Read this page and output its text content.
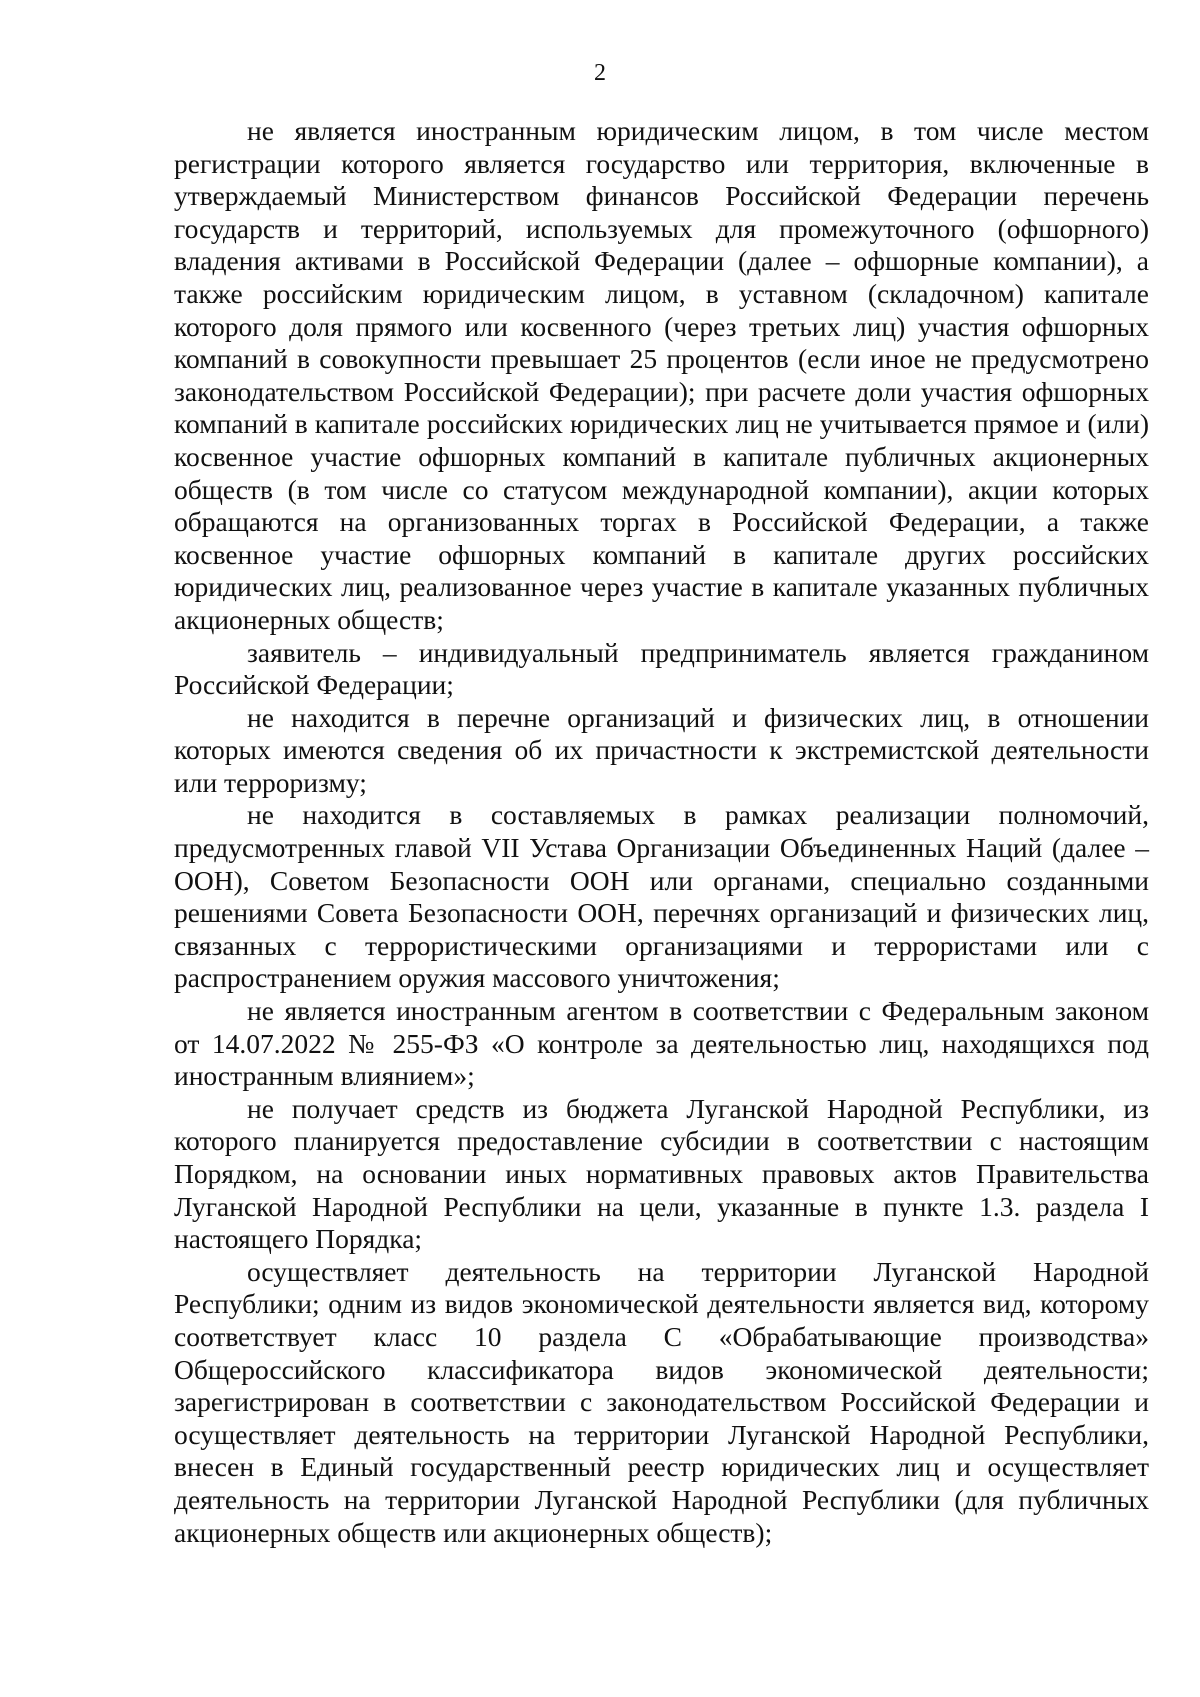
2

не является иностранным юридическим лицом, в том числе местом регистрации которого является государство или территория, включенные в утверждаемый Министерством финансов Российской Федерации перечень государств и территорий, используемых для промежуточного (офшорного) владения активами в Российской Федерации (далее – офшорные компании), а также российским юридическим лицом, в уставном (складочном) капитале которого доля прямого или косвенного (через третьих лиц) участия офшорных компаний в совокупности превышает 25 процентов (если иное не предусмотрено законодательством Российской Федерации); при расчете доли участия офшорных компаний в капитале российских юридических лиц не учитывается прямое и (или) косвенное участие офшорных компаний в капитале публичных акционерных обществ (в том числе со статусом международной компании), акции которых обращаются на организованных торгах в Российской Федерации, а также косвенное участие офшорных компаний в капитале других российских юридических лиц, реализованное через участие в капитале указанных публичных акционерных обществ;

заявитель – индивидуальный предприниматель является гражданином Российской Федерации;

не находится в перечне организаций и физических лиц, в отношении которых имеются сведения об их причастности к экстремистской деятельности или терроризму;

не находится в составляемых в рамках реализации полномочий, предусмотренных главой VII Устава Организации Объединенных Наций (далее – ООН), Советом Безопасности ООН или органами, специально созданными решениями Совета Безопасности ООН, перечнях организаций и физических лиц, связанных с террористическими организациями и террористами или с распространением оружия массового уничтожения;

не является иностранным агентом в соответствии с Федеральным законом от 14.07.2022 № 255-ФЗ «О контроле за деятельностью лиц, находящихся под иностранным влиянием»;

не получает средств из бюджета Луганской Народной Республики, из которого планируется предоставление субсидии в соответствии с настоящим Порядком, на основании иных нормативных правовых актов Правительства Луганской Народной Республики на цели, указанные в пункте 1.3. раздела I настоящего Порядка;

осуществляет деятельность на территории Луганской Народной Республики; одним из видов экономической деятельности является вид, которому соответствует класс 10 раздела С «Обрабатывающие производства» Общероссийского классификатора видов экономической деятельности; зарегистрирован в соответствии с законодательством Российской Федерации и осуществляет деятельность на территории Луганской Народной Республики, внесен в Единый государственный реестр юридических лиц и осуществляет деятельность на территории Луганской Народной Республики (для публичных акционерных обществ или акционерных обществ);
